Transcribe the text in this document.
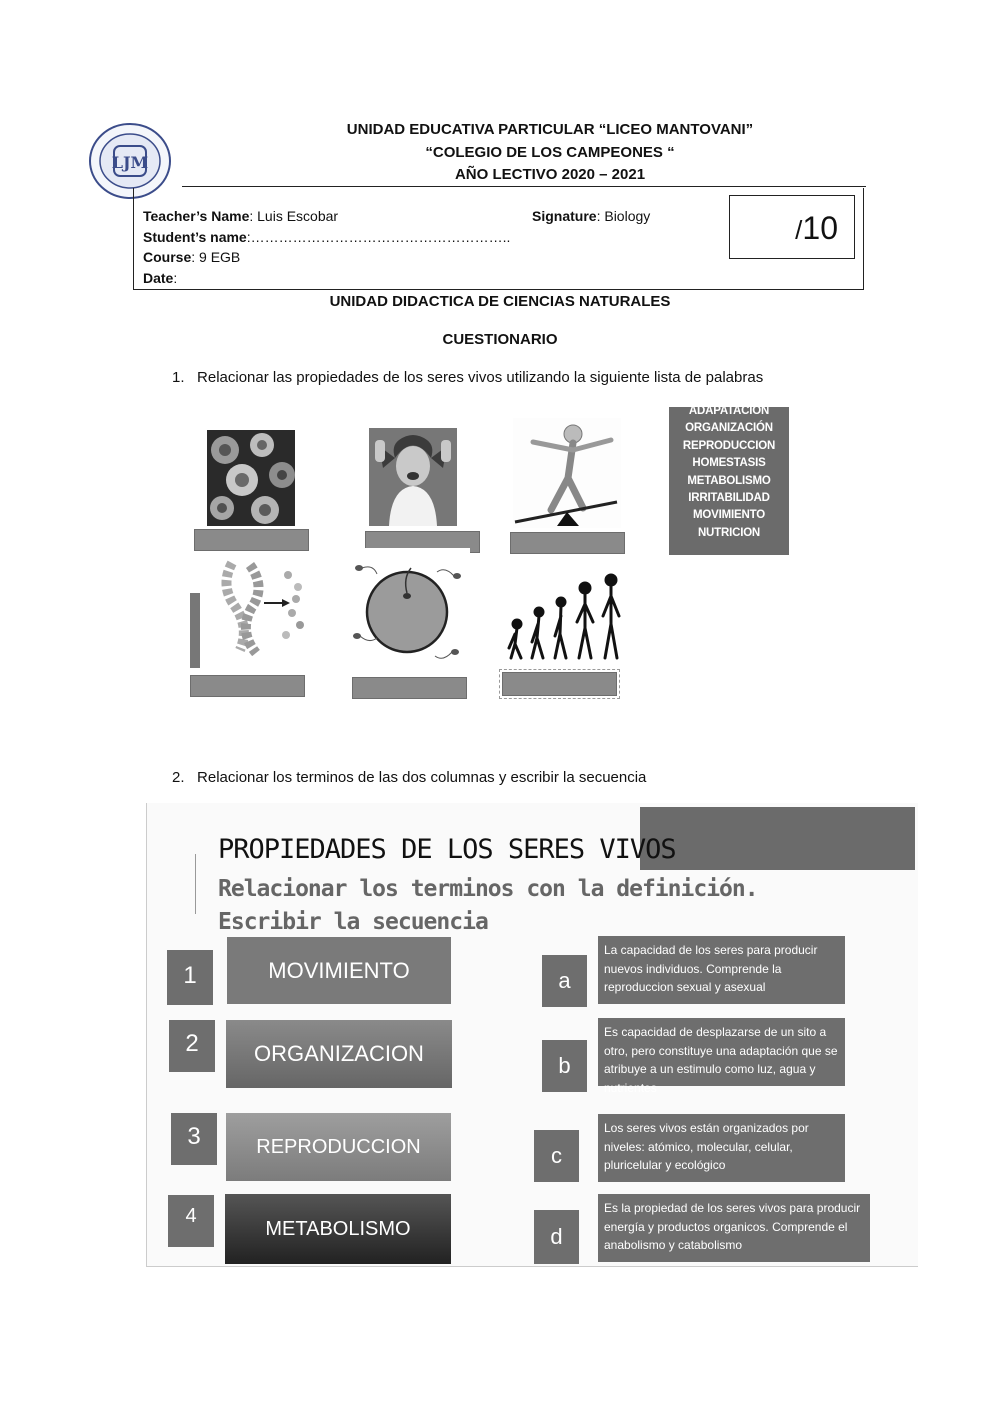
LJM
UNIDAD EDUCATIVA PARTICULAR “LICEO MANTOVANI”
“COLEGIO DE LOS CAMPEONES “
AÑO LECTIVO 2020 – 2021
Teacher’s Name: Luis Escobar	Signature: Biology
Student’s name:………………………………………………..
Course: 9 EGB
Date:
/10
UNIDAD DIDACTICA DE CIENCIAS NATURALES
CUESTIONARIO
1. Relacionar las propiedades de los seres vivos utilizando la siguiente lista de palabras
ADAPATACION
ORGANIZACIÓN
REPRODUCCION
HOMESTASIS
METABOLISMO
IRRITABILIDAD
MOVIMIENTO
NUTRICION
2. Relacionar los terminos de las dos columnas y escribir la secuencia
PROPIEDADES DE LOS SERES VIVOS
Relacionar los terminos con la definición. Escribir la secuencia
1	MOVIMIENTO
2	ORGANIZACION
3	REPRODUCCION
4
METABOLISMO
a
La capacidad de los seres para producir nuevos individuos. Comprende la reproduccion sexual y asexual
b
Es capacidad de desplazarse de un sito a otro, pero constituye una adaptación que se atribuye a un estimulo como luz, agua y nutrientes
c
Los seres vivos están organizados por niveles: atómico, molecular, celular, pluricelular y ecológico
d
Es la propiedad de los seres vivos para producir energía y productos organicos. Comprende el anabolismo y catabolismo
